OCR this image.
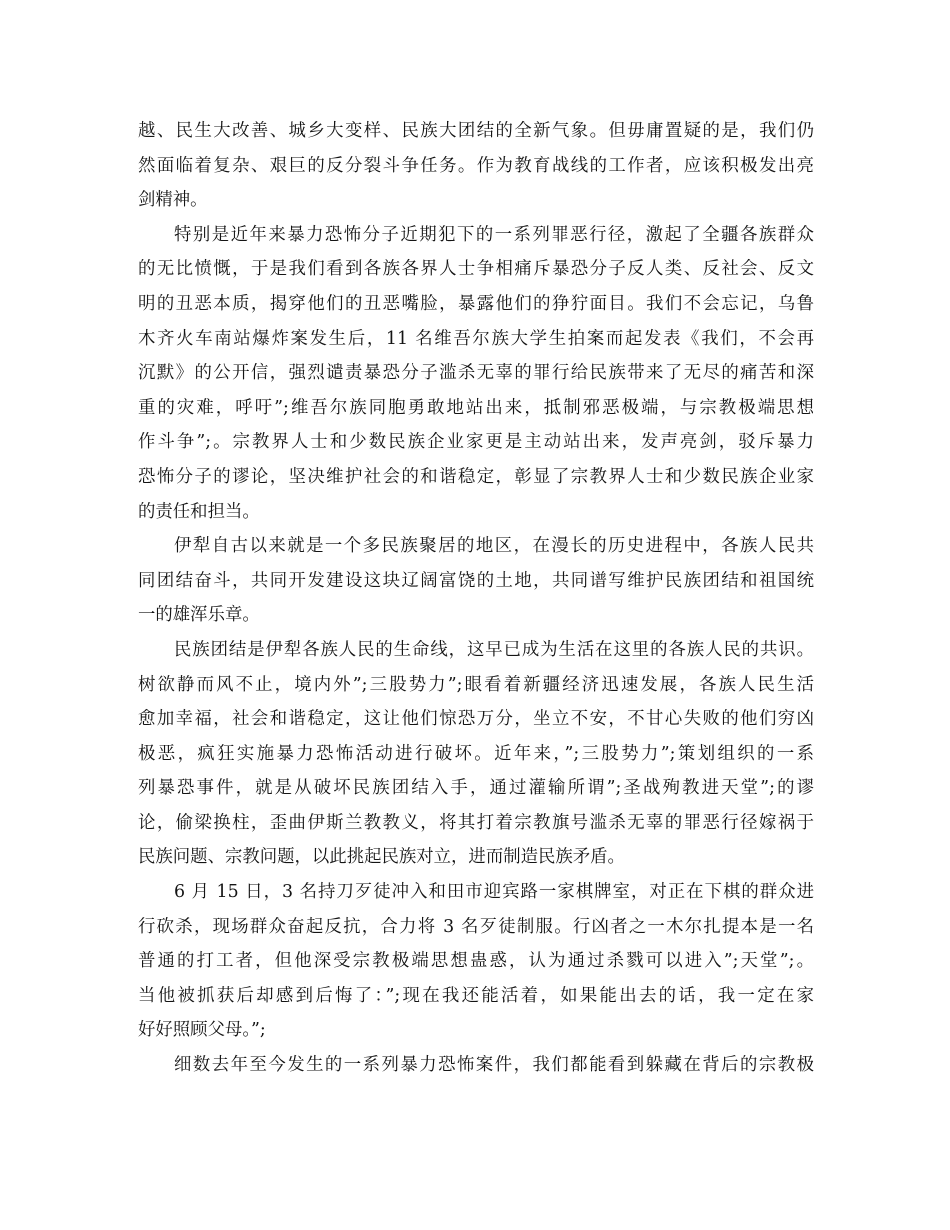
越、民生大改善、城乡大变样、民族大团结的全新气象。但毋庸置疑的是，我们仍
然面临着复杂、艰巨的反分裂斗争任务。作为教育战线的工作者，应该积极发出亮
剑精神。
特别是近年来暴力恐怖分子近期犯下的一系列罪恶行径，激起了全疆各族群众
的无比愤慨，于是我们看到各族各界人士争相痛斥暴恐分子反人类、反社会、反文
明的丑恶本质，揭穿他们的丑恶嘴脸，暴露他们的狰狞面目。我们不会忘记，乌鲁
木齐火车南站爆炸案发生后，11 名维吾尔族大学生拍案而起发表《我们，不会再
沉默》的公开信，强烈谴责暴恐分子滥杀无辜的罪行给民族带来了无尽的痛苦和深
重的灾难，呼吁”;维吾尔族同胞勇敢地站出来，抵制邪恶极端，与宗教极端思想
作斗争”;。宗教界人士和少数民族企业家更是主动站出来，发声亮剑，驳斥暴力
恐怖分子的谬论，坚决维护社会的和谐稳定，彰显了宗教界人士和少数民族企业家
的责任和担当。
伊犁自古以来就是一个多民族聚居的地区，在漫长的历史进程中，各族人民共
同团结奋斗，共同开发建设这块辽阔富饶的土地，共同谱写维护民族团结和祖国统
一的雄浑乐章。
民族团结是伊犁各族人民的生命线，这早已成为生活在这里的各族人民的共识。
树欲静而风不止，境内外”;三股势力”;眼看着新疆经济迅速发展，各族人民生活
愈加幸福，社会和谐稳定，这让他们惊恐万分，坐立不安，不甘心失败的他们穷凶
极恶，疯狂实施暴力恐怖活动进行破坏。近年来，”;三股势力”;策划组织的一系
列暴恐事件，就是从破坏民族团结入手，通过灌输所谓”;圣战殉教进天堂”;的谬
论，偷梁换柱，歪曲伊斯兰教教义，将其打着宗教旗号滥杀无辜的罪恶行径嫁祸于
民族问题、宗教问题，以此挑起民族对立，进而制造民族矛盾。
6 月 15 日，3 名持刀歹徒冲入和田市迎宾路一家棋牌室，对正在下棋的群众进
行砍杀，现场群众奋起反抗，合力将 3 名歹徒制服。行凶者之一木尔扎提本是一名
普通的打工者，但他深受宗教极端思想蛊惑，认为通过杀戮可以进入”;天堂”;。
当他被抓获后却感到后悔了：”;现在我还能活着，如果能出去的话，我一定在家
好好照顾父母。”;
细数去年至今发生的一系列暴力恐怖案件，我们都能看到躲藏在背后的宗教极
